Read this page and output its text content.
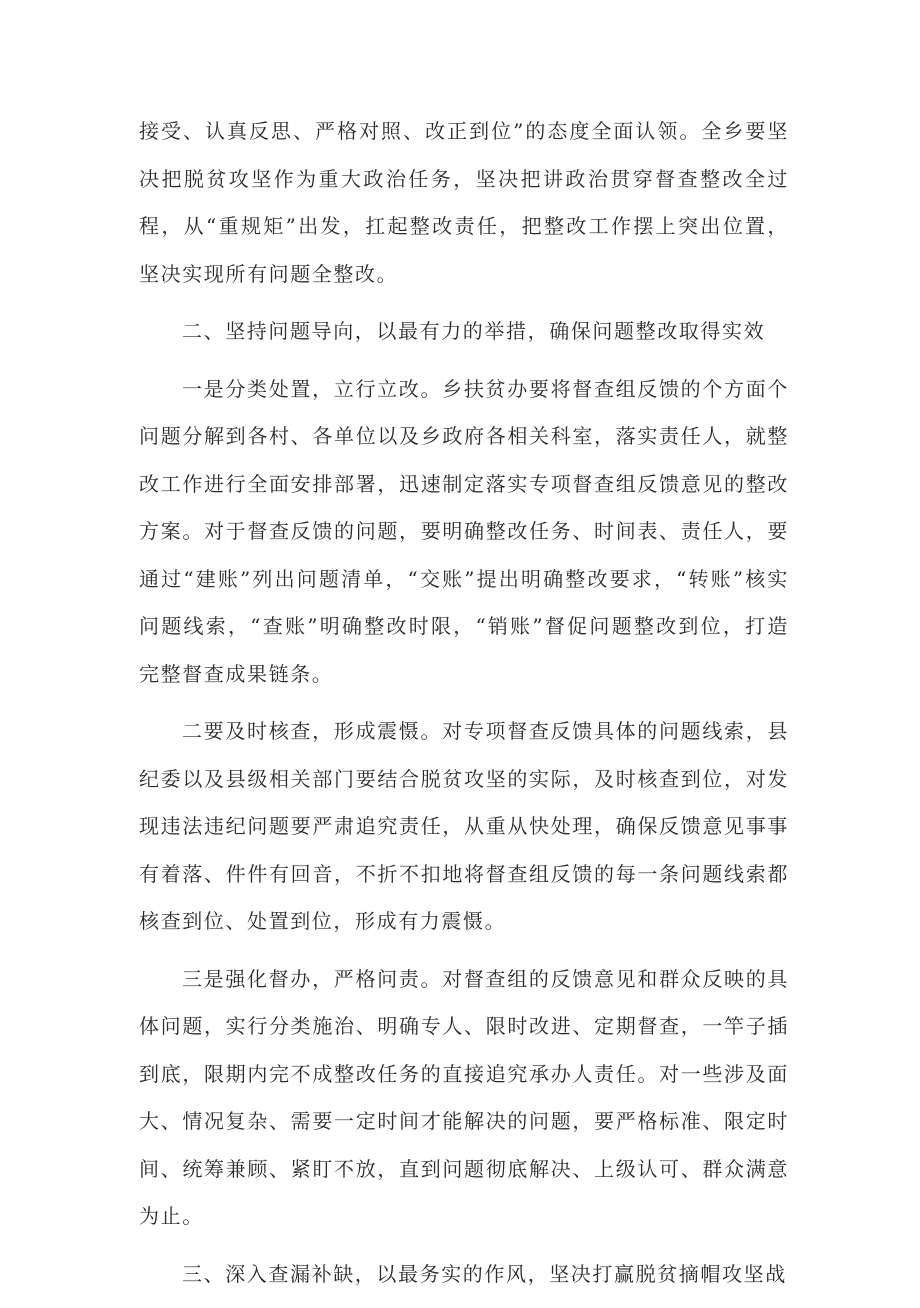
接受、认真反思、严格对照、改正到位”的态度全面认领。全乡要坚决把脱贫攻坚作为重大政治任务，坚决把讲政治贯穿督查整改全过程，从“重规矩”出发，扛起整改责任，把整改工作摆上突出位置，坚决实现所有问题全整改。

二、坚持问题导向，以最有力的举措，确保问题整改取得实效

一是分类处置，立行立改。乡扶贫办要将督查组反馈的个方面个问题分解到各村、各单位以及乡政府各相关科室，落实责任人，就整改工作进行全面安排部署，迅速制定落实专项督查组反馈意见的整改方案。对于督查反馈的问题，要明确整改任务、时间表、责任人，要通过“建账”列出问题清单，“交账”提出明确整改要求，“转账”核实问题线索，“查账”明确整改时限，“销账”督促问题整改到位，打造完整督查成果链条。

二要及时核查，形成震慑。对专项督查反馈具体的问题线索，县纪委以及县级相关部门要结合脱贫攻坚的实际，及时核查到位，对发现违法违纪问题要严肃追究责任，从重从快处理，确保反馈意见事事有着落、件件有回音，不折不扣地将督查组反馈的每一条问题线索都核查到位、处置到位，形成有力震慑。

三是强化督办，严格问责。对督查组的反馈意见和群众反映的具体问题，实行分类施治、明确专人、限时改进、定期督查，一竿子插到底，限期内完不成整改任务的直接追究承办人责任。对一些涉及面大、情况复杂、需要一定时间才能解决的问题，要严格标准、限定时间、统筹兼顾、紧盯不放，直到问题彻底解决、上级认可、群众满意为止。

三、深入查漏补缺，以最务实的作风，坚决打赢脱贫摘帽攻坚战
